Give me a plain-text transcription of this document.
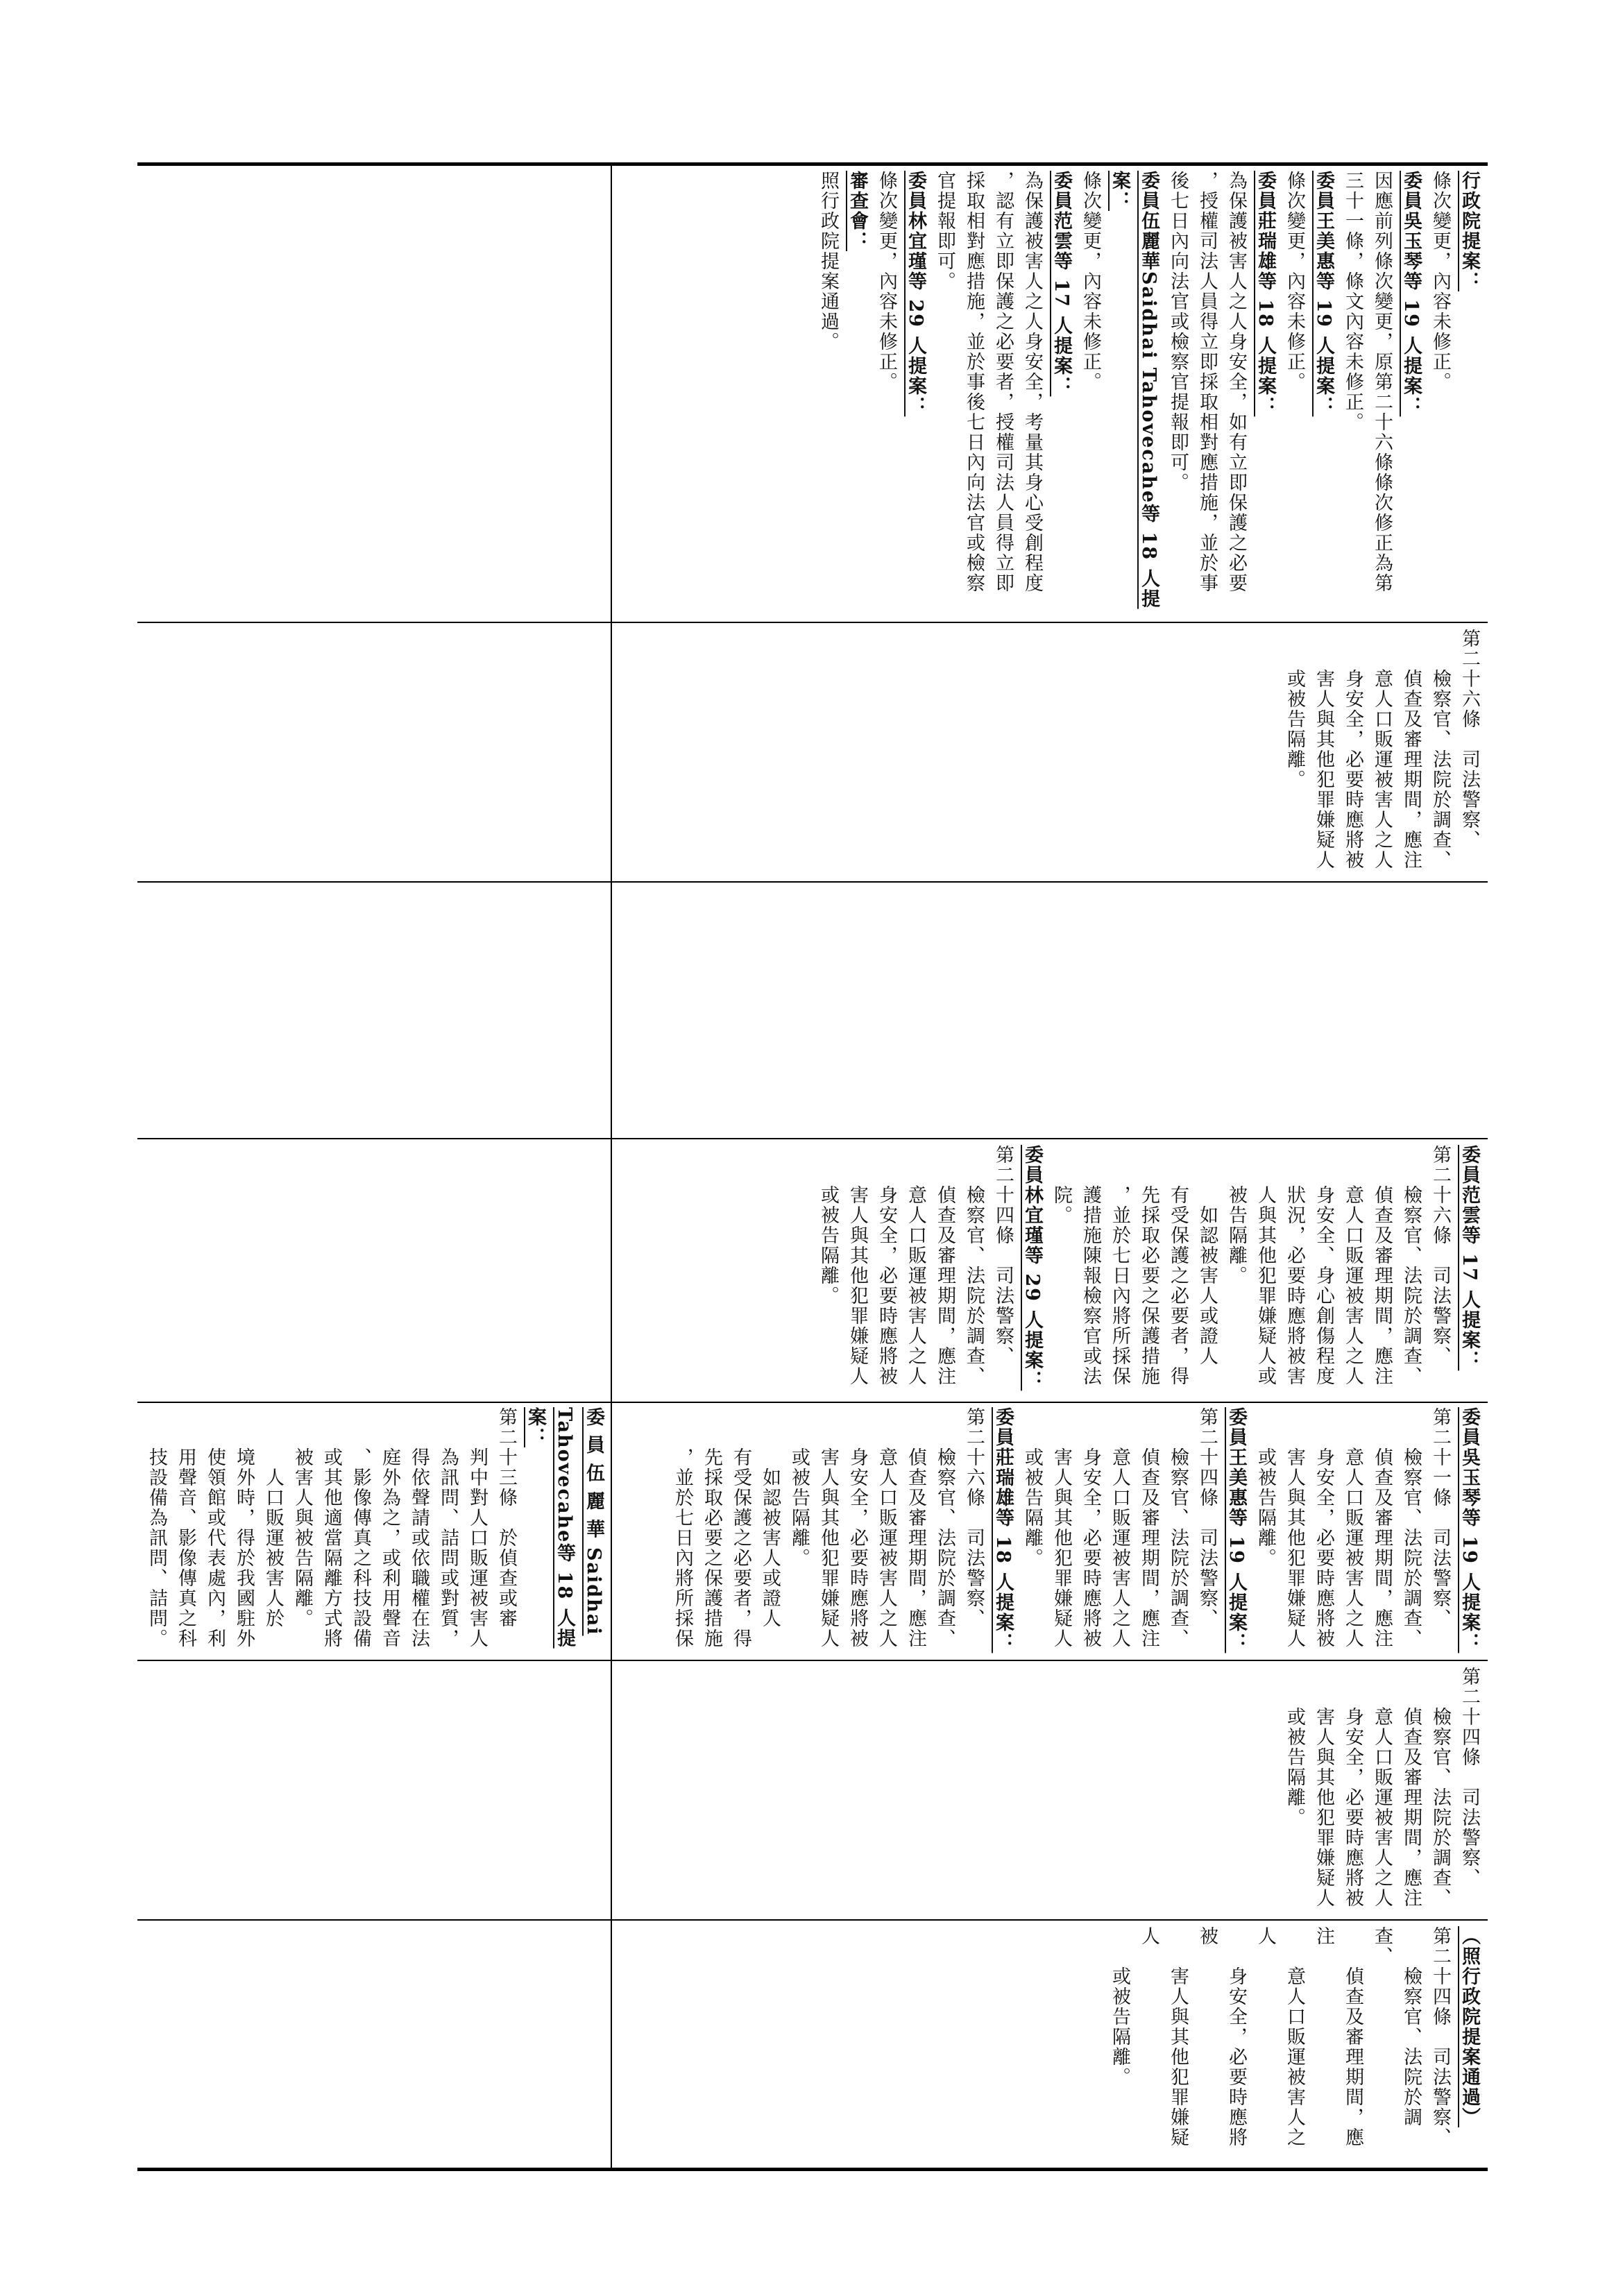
行政院提案：
條次變更，內容未修正。
委員吳玉琴等 19 人提案：
因應前列條次變更，原第二十六條條次修正為第
三十一條，條文內容未修正。
委員王美惠等 19 人提案：
條次變更，內容未修正。
委員莊瑞雄等 18 人提案：
為保護被害人之人身安全，如有立即保護之必要
，授權司法人員得立即採取相對應措施，並於事
後七日內向法官或檢察官提報即可。
委員伍麗華Saidhai Tahovecahe等 18 人提案：
條次變更，內容未修正。
委員范雲等 17 人提案：
為保護被害人之人身安全，考量其身心受創程度
，認有立即保護之必要者，授權司法人員得立即
採取相對應措施，並於事後七日內向法官或檢察
官提報即可。
委員林宜瑾等 29 人提案：
條次變更，內容未修正。
審查會：
照行政院提案通過。
第二十六條　司法警察、
　　檢察官、法院於調查、
　　偵查及審理期間，應注
　　意人口販運被害人之人
　　身安全，必要時應將被
　　害人與其他犯罪嫌疑人
　　或被告隔離。
委員范雲等 17 人提案：
第二十六條　司法警察、
　　檢察官、法院於調查、
　　偵查及審理期間，應注
　　意人口販運被害人之人
　　身安全、身心創傷程度
　　狀況，必要時應將被害
　　人與其他犯罪嫌疑人或
　　被告隔離。
　　　如認被害人或證人
　　有受保護之必要者，得
　　先採取必要之保護措施
　　，並於七日內將所採保
　　護措施陳報檢察官或法
　　院。
委員林宜瑾等 29 人提案：
第二十四條　司法警察、
　　檢察官、法院於調查、
　　偵查及審理期間，應注
　　意人口販運被害人之人
　　身安全，必要時應將被
　　害人與其他犯罪嫌疑人
　　或被告隔離。
委 員 伍 麗 華 Saidhai
Tahovecahe等 18 人提案：
第二十三條　於偵查或審
　　判中對人口販運被害人
　　為訊問、詰問或對質，
　　得依聲請或依職權在法
　　庭外為之，或利用聲音
　　、影像傳真之科技設備
　　或其他適當隔離方式將
　　被害人與被告隔離。
　　　人口販運被害人於
　　境外時，得於我國駐外
　　使領館或代表處內，利
　　用聲音、影像傳真之科
　　技設備為訊問、詰問。	委員吳玉琴等 19 人提案：
第二十一條　司法警察、
　　檢察官、法院於調查、
　　偵查及審理期間，應注
　　意人口販運被害人之人
　　身安全，必要時應將被
　　害人與其他犯罪嫌疑人
　　或被告隔離。
委員王美惠等 19 人提案：
第二十四條　司法警察、
　　檢察官、法院於調查、
　　偵查及審理期間，應注
　　意人口販運被害人之人
　　身安全，必要時應將被
　　害人與其他犯罪嫌疑人
　　或被告隔離。
委員莊瑞雄等 18 人提案：
第二十六條　司法警察、
　　檢察官、法院於調查、
　　偵查及審理期間，應注
　　意人口販運被害人之人
　　身安全，必要時應將被
　　害人與其他犯罪嫌疑人
　　或被告隔離。
　　　如認被害人或證人
　　有受保護之必要者，得
　　先採取必要之保護措施
　　，並於七日內將所採保
第二十四條　司法警察、
　　檢察官、法院於調查、
　　偵查及審理期間，應注
　　意人口販運被害人之人
　　身安全，必要時應將被
　　害人與其他犯罪嫌疑人
　　或被告隔離。
（照行政院提案通過）
第二十四條　司法警察、
　　檢察官、法院於調查、
　　偵查及審理期間，應注
　　意人口販運被害人之人
　　身安全，必要時應將被
　　害人與其他犯罪嫌疑人
　　或被告隔離。
